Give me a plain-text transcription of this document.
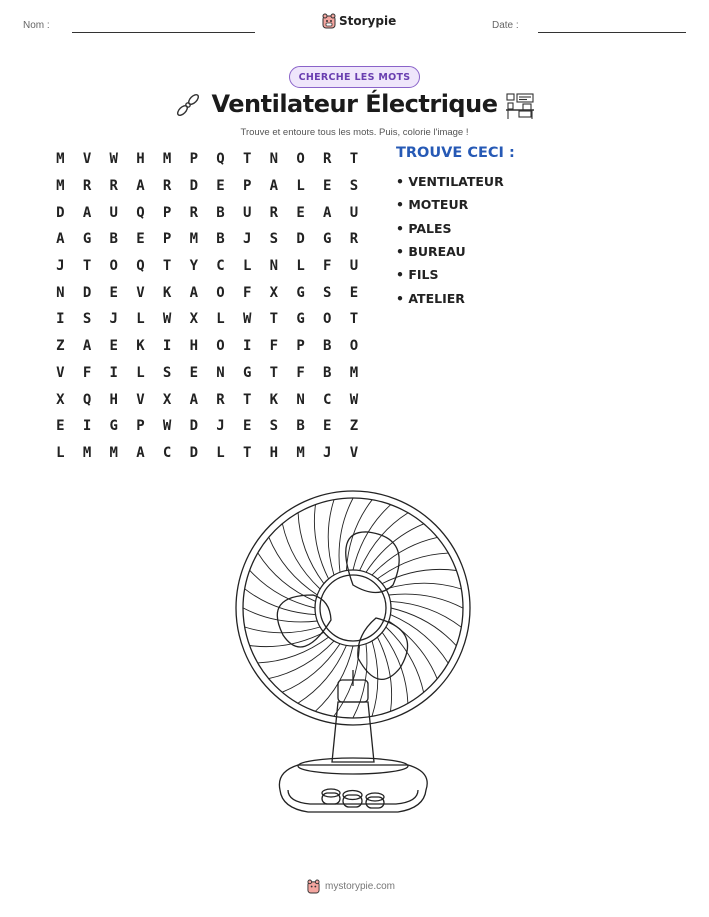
Nom :	Storypie	Date :
CHERCHE LES MOTS
Ventilateur Électrique
Trouve et entoure tous les mots. Puis, colorie l'image !
M	V	W	H	M	P	Q	T	N	O	R	T
M	R	R	A	R	D	E	P	A	L	E	S
D	A	U	Q	P	R	B	U	R	E	A	U
A	G	B	E	P	M	B	J	S	D	G	R
J	T	O	Q	T	Y	C	L	N	L	F	U
N	D	E	V	K	A	O	F	X	G	S	E
I	S	J	L	W	X	L	W	T	G	O	T
Z	A	E	K	I	H	O	I	F	P	B	O
V	F	I	L	S	E	N	G	T	F	B	M
X	Q	H	V	X	A	R	T	K	N	C	W
E	I	G	P	W	D	J	E	S	B	E	Z
L	M	M	A	C	D	L	T	H	M	J	V
TROUVE CECI :
• VENTILATEUR
• MOTEUR
• PALES
• BUREAU
• FILS
• ATELIER
mystorypie.com
